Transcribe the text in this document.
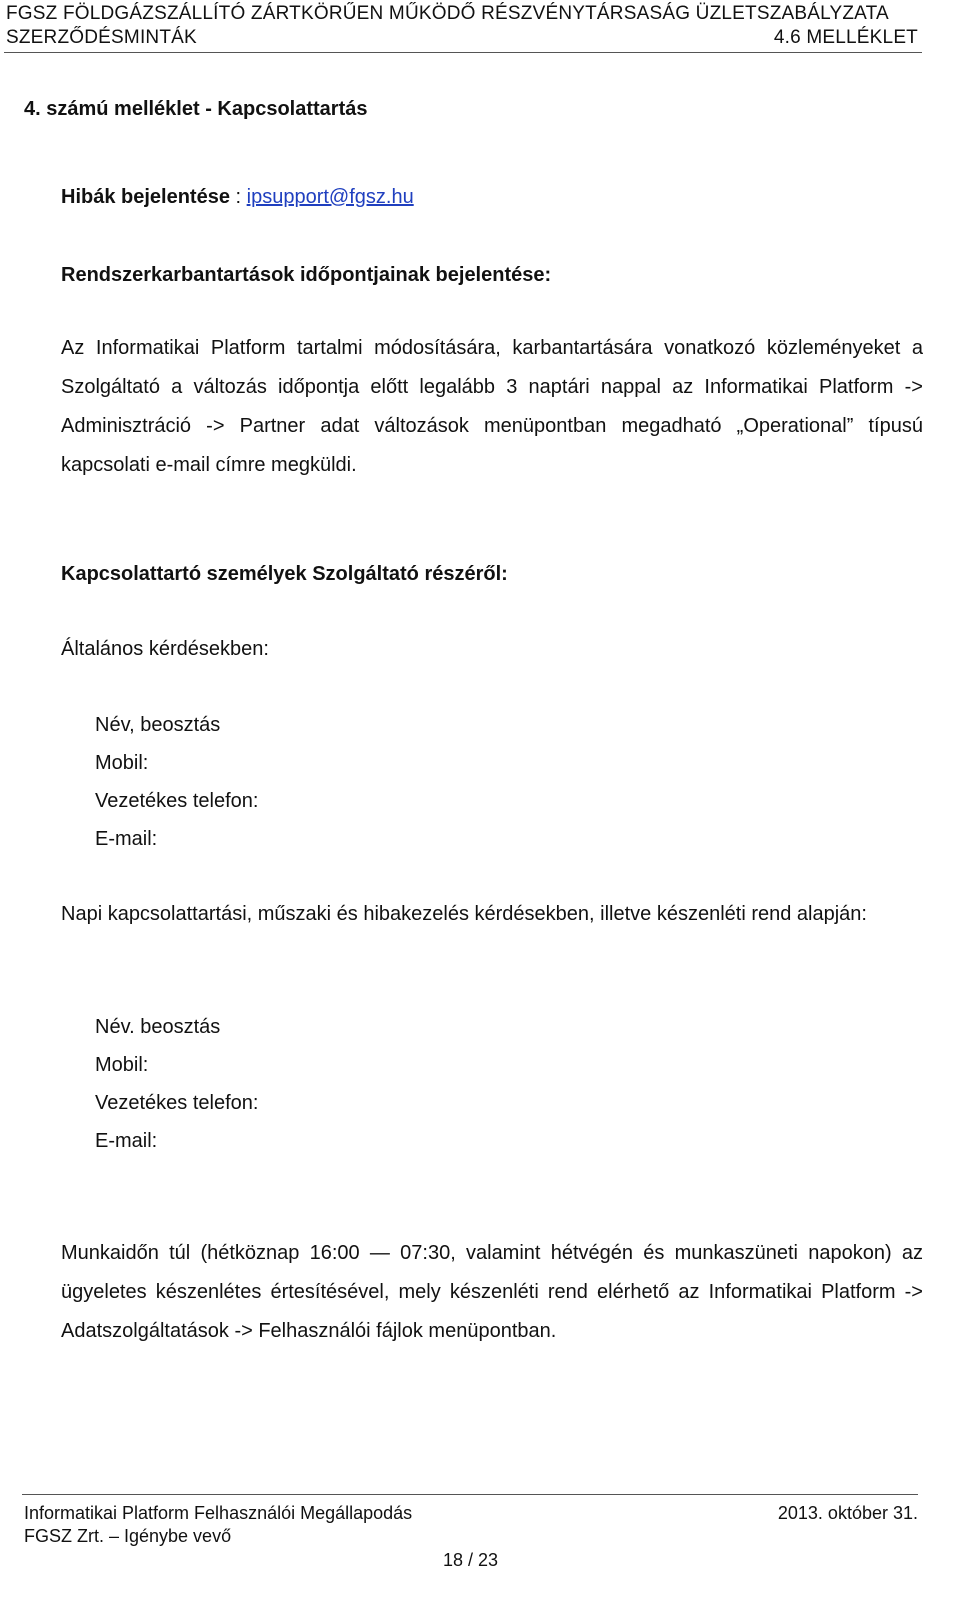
FGSZ FÖLDGÁZSZÁLLÍTÓ ZÁRTKÖRŰEN MŰKÖDŐ RÉSZVÉNYTÁRSASÁG ÜZLETSZABÁLYZATA
SZERZŐDÉSMINTÁK	4.6 MELLÉKLET
4. számú melléklet - Kapcsolattartás
Hibák bejelentése : ipsupport@fgsz.hu
Rendszerkarbantartások időpontjainak bejelentése:
Az Informatikai Platform tartalmi módosítására, karbantartására vonatkozó közleményeket a Szolgáltató a változás időpontja előtt legalább 3 naptári nappal az Informatikai Platform -> Adminisztráció -> Partner adat változások menüpontban megadható „Operational” típusú kapcsolati e-mail címre megküldi.
Kapcsolattartó személyek Szolgáltató részéről:
Általános kérdésekben:
Név, beosztás
Mobil:
Vezetékes telefon:
E-mail:
Napi kapcsolattartási, műszaki és hibakezelés kérdésekben, illetve készenléti rend alapján:
Név. beosztás
Mobil:
Vezetékes telefon:
E-mail:
Munkaidőn túl (hétköznap 16:00 — 07:30, valamint hétvégén és munkaszüneti napokon) az ügyeletes készenlétes értesítésével, mely készenléti rend elérhető az Informatikai Platform -> Adatszolgáltatások -> Felhasználói fájlok menüpontban.
Informatikai Platform Felhasználói Megállapodás	2013. október 31.
FGSZ Zrt. – Igénybe vevő
18 / 23
